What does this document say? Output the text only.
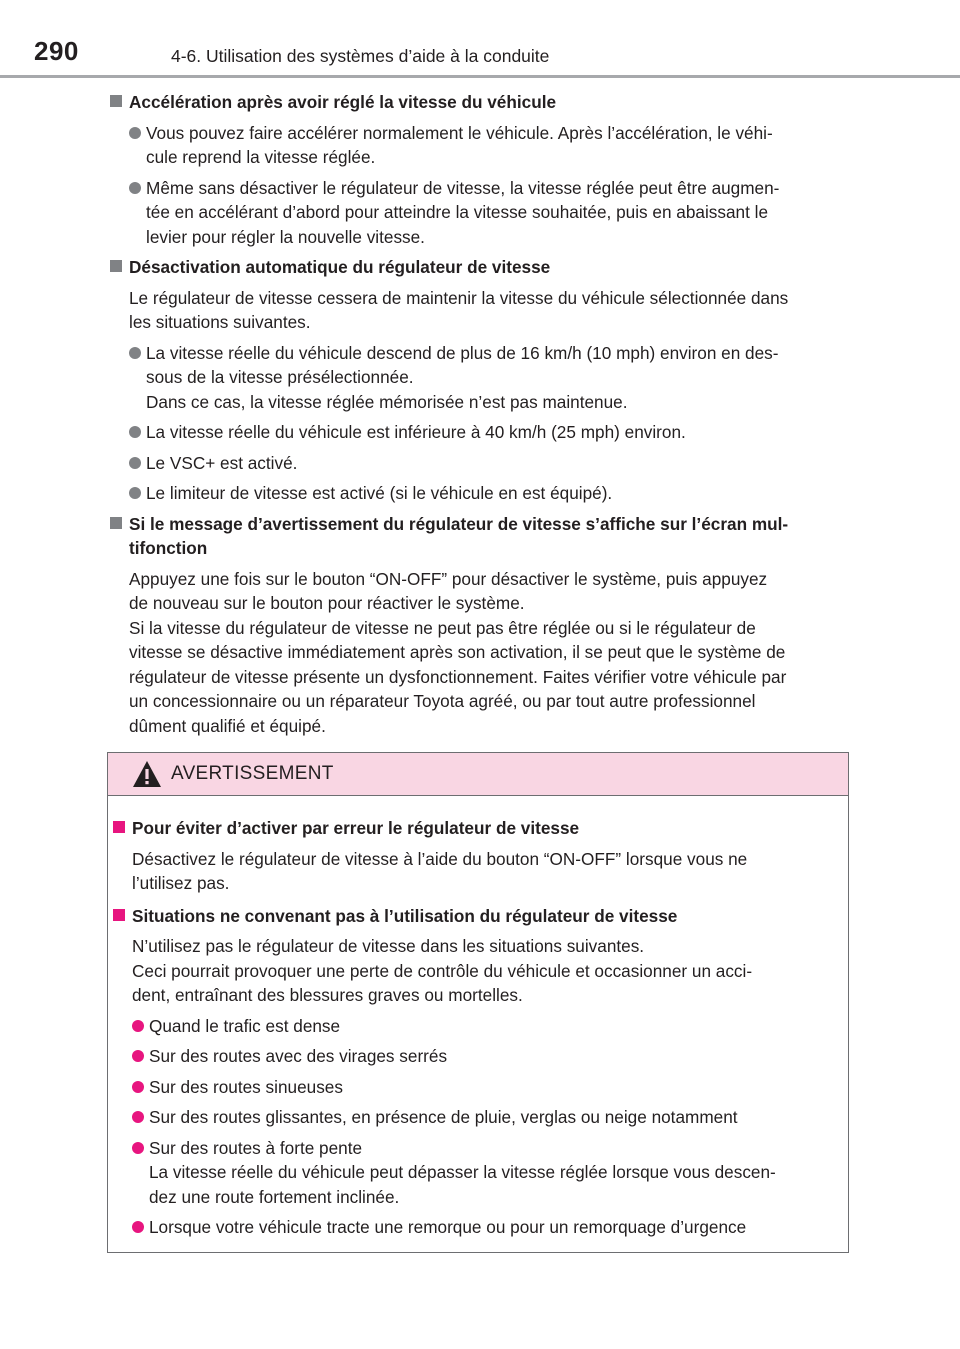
290	4-6. Utilisation des systèmes d’aide à la conduite
Accélération après avoir réglé la vitesse du véhicule
Vous pouvez faire accélérer normalement le véhicule. Après l’accélération, le véhi-
cule reprend la vitesse réglée.
Même sans désactiver le régulateur de vitesse, la vitesse réglée peut être augmen-
tée en accélérant d’abord pour atteindre la vitesse souhaitée, puis en abaissant le
levier pour régler la nouvelle vitesse.
Désactivation automatique du régulateur de vitesse
Le régulateur de vitesse cessera de maintenir la vitesse du véhicule sélectionnée dans
les situations suivantes.
La vitesse réelle du véhicule descend de plus de 16 km/h (10 mph) environ en des-
sous de la vitesse présélectionnée.
Dans ce cas, la vitesse réglée mémorisée n’est pas maintenue.
La vitesse réelle du véhicule est inférieure à 40 km/h (25 mph) environ.
Le VSC+ est activé.
Le limiteur de vitesse est activé (si le véhicule en est équipé).
Si le message d’avertissement du régulateur de vitesse s’affiche sur l’écran mul-
tifonction
Appuyez une fois sur le bouton “ON-OFF” pour désactiver le système, puis appuyez
de nouveau sur le bouton pour réactiver le système.
Si la vitesse du régulateur de vitesse ne peut pas être réglée ou si le régulateur de
vitesse se désactive immédiatement après son activation, il se peut que le système de
régulateur de vitesse présente un dysfonctionnement. Faites vérifier votre véhicule par
un concessionnaire ou un réparateur Toyota agréé, ou par tout autre professionnel
dûment qualifié et équipé.
AVERTISSEMENT
Pour éviter d’activer par erreur le régulateur de vitesse
Désactivez le régulateur de vitesse à l’aide du bouton “ON-OFF” lorsque vous ne
l’utilisez pas.
Situations ne convenant pas à l’utilisation du régulateur de vitesse
N’utilisez pas le régulateur de vitesse dans les situations suivantes.
Ceci pourrait provoquer une perte de contrôle du véhicule et occasionner un acci-
dent, entraînant des blessures graves ou mortelles.
Quand le trafic est dense
Sur des routes avec des virages serrés
Sur des routes sinueuses
Sur des routes glissantes, en présence de pluie, verglas ou neige notamment
Sur des routes à forte pente
La vitesse réelle du véhicule peut dépasser la vitesse réglée lorsque vous descen-
dez une route fortement inclinée.
Lorsque votre véhicule tracte une remorque ou pour un remorquage d’urgence
